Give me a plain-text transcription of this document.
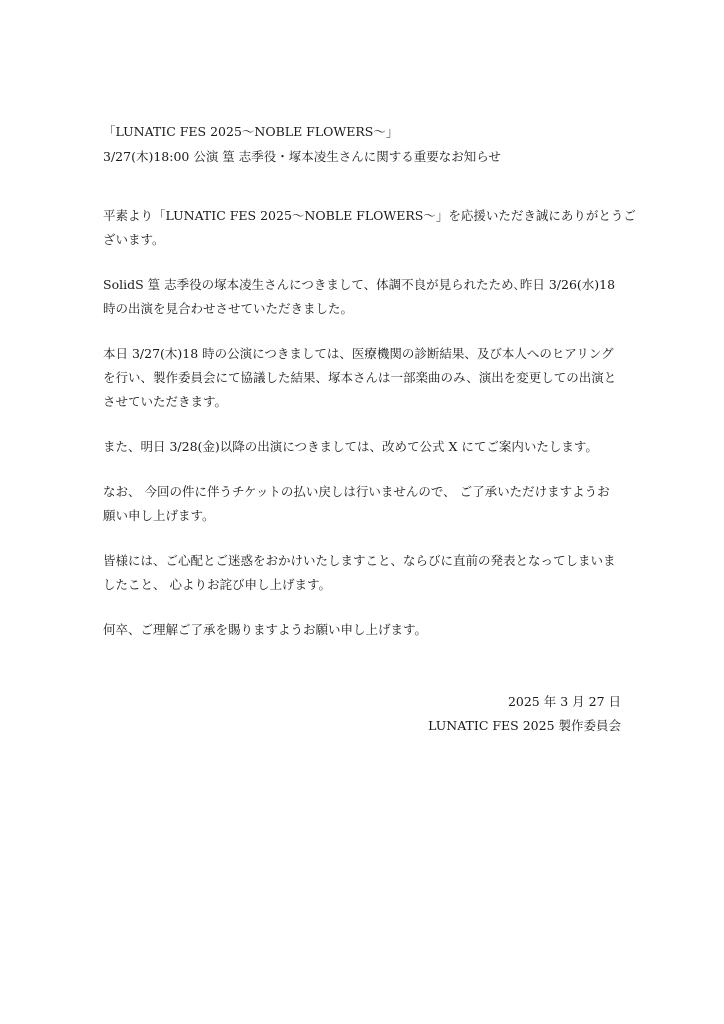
「LUNATIC FES 2025〜NOBLE FLOWERS〜」
3/27(木)18:00 公演 篁 志季役・塚本凌生さんに関する重要なお知らせ

平素より「LUNATIC FES 2025〜NOBLE FLOWERS〜」を応援いただき誠にありがとうご
ざいます。

SolidS 篁 志季役の塚本凌生さんにつきまして、体調不良が見られたため､昨日 3/26(水)18
時の出演を見合わせさせていただきました。

本日 3/27(木)18 時の公演につきましては、医療機関の診断結果、及び本人へのヒアリング
を行い、製作委員会にて協議した結果、塚本さんは一部楽曲のみ、演出を変更しての出演と
させていただきます。

また、明日 3/28(金)以降の出演につきましては、改めて公式 X にてご案内いたします。

なお、 今回の件に伴うチケットの払い戻しは行いませんので、 ご了承いただけますようお
願い申し上げます。

皆様には、ご心配とご迷惑をおかけいたしますこと、ならびに直前の発表となってしまいま
したこと、 心よりお詫び申し上げます。

何卒、ご理解ご了承を賜りますようお願い申し上げます。

2025 年 3 月 27 日
LUNATIC FES 2025 製作委員会
